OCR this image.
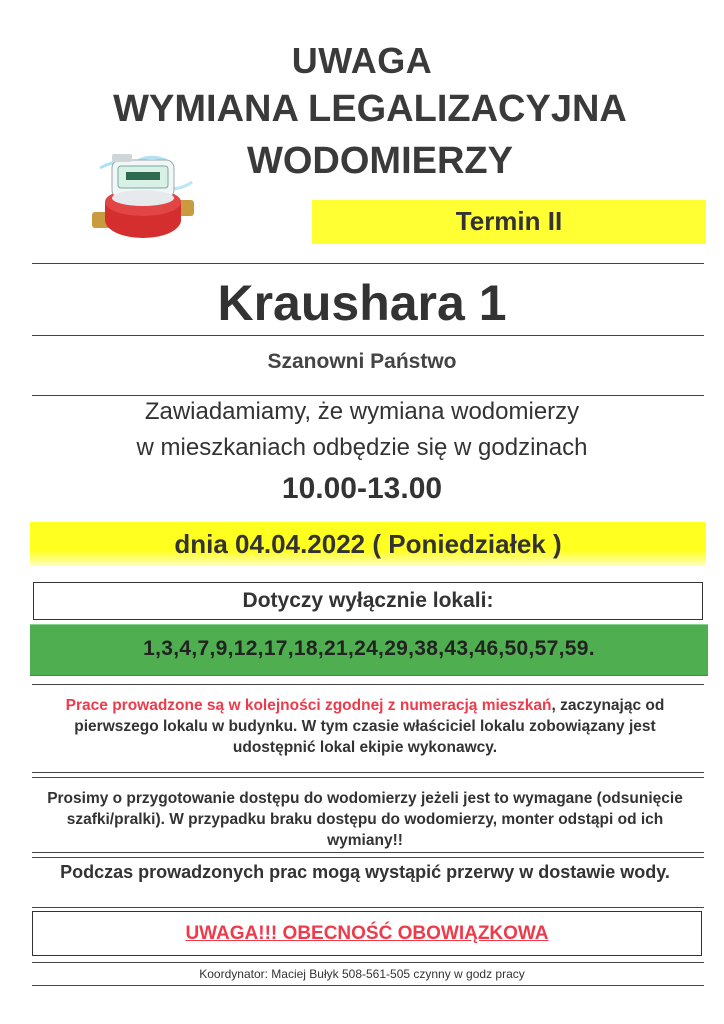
UWAGA
WYMIANA LEGALIZACYJNA
WODOMIERZY
Termin II
Kraushara 1
Szanowni Państwo
Zawiadamiamy, że wymiana wodomierzy
w mieszkaniach odbędzie się w godzinach
10.00-13.00
dnia 04.04.2022 ( Poniedziałek )
Dotyczy wyłącznie lokali:
1,3,4,7,9,12,17,18,21,24,29,38,43,46,50,57,59.
Prace prowadzone są w kolejności zgodnej z numeracją mieszkań, zaczynając od pierwszego lokalu w budynku. W tym czasie właściciel lokalu zobowiązany jest udostępnić lokal ekipie wykonawcy.
Prosimy o przygotowanie dostępu do wodomierzy jeżeli jest to wymagane (odsunięcie szafki/pralki). W przypadku braku dostępu do wodomierzy, monter odstąpi od ich wymiany!!
Podczas prowadzonych prac mogą wystąpić przerwy w dostawie wody.
UWAGA!!! OBECNOŚĆ OBOWIĄZKOWA
Koordynator: Maciej Bułyk 508-561-505 czynny w godz pracy
